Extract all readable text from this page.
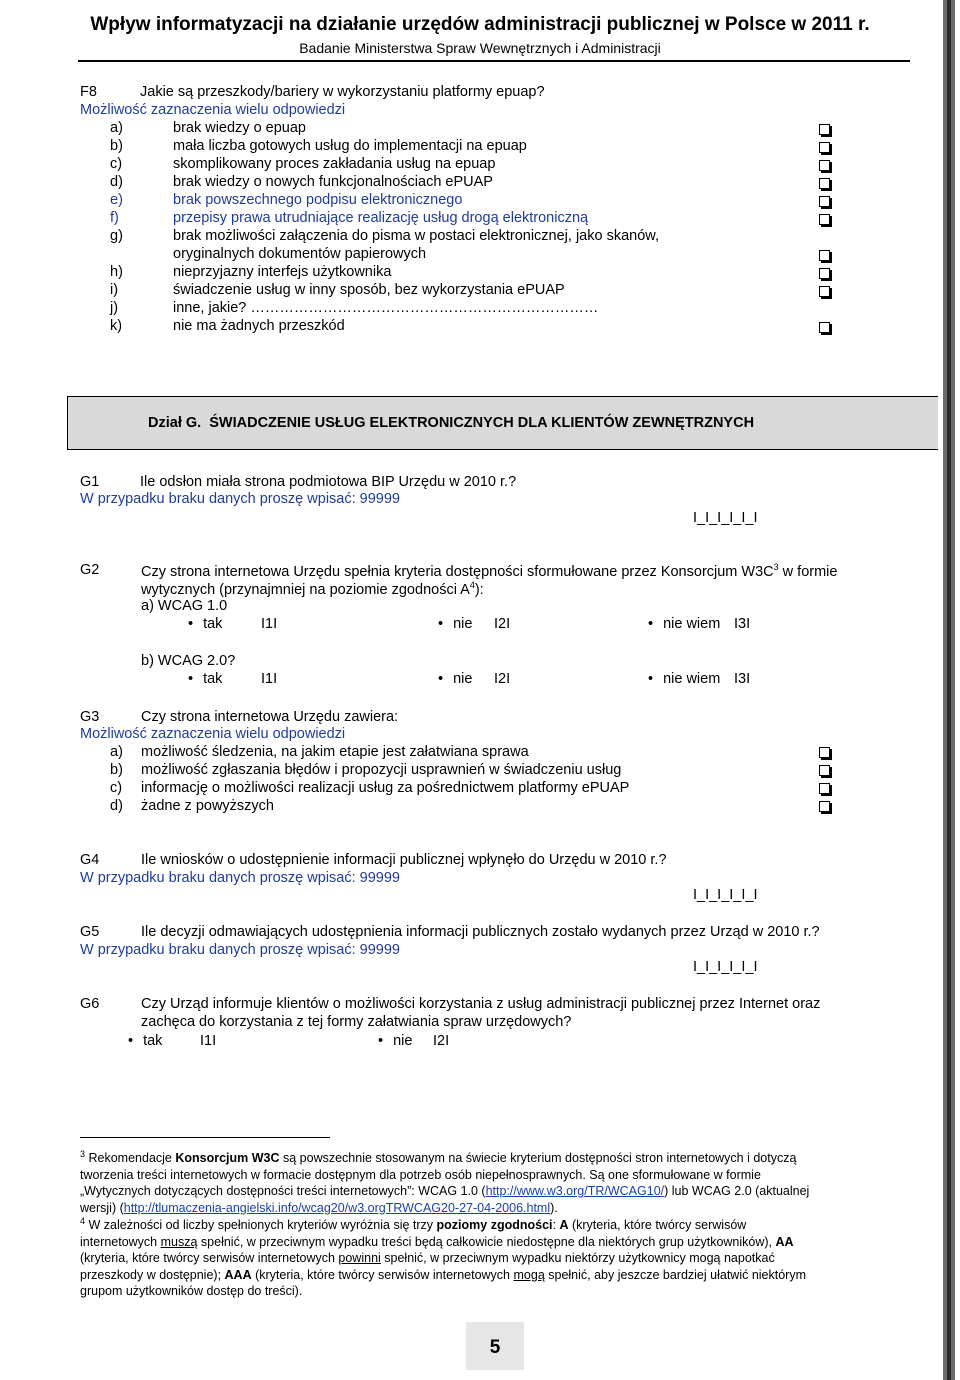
Wpływ informatyzacji na działanie urzędów administracji publicznej w Polsce w 2011 r.
Badanie Ministerstwa Spraw Wewnętrznych i Administracji
F8	Jakie są przeszkody/bariery w wykorzystaniu platformy epuap?
Możliwość zaznaczenia wielu odpowiedzi
a)	brak wiedzy o epuap
b)	mała liczba gotowych usług do implementacji na epuap
c)	skomplikowany proces zakładania usług na epuap
d)	brak wiedzy o nowych funkcjonalnościach ePUAP
e)	brak powszechnego podpisu elektronicznego
f)	przepisy prawa utrudniające realizację usług drogą elektroniczną
g)	brak możliwości załączenia do pisma w postaci elektronicznej, jako skanów,
oryginalnych dokumentów papierowych
h)	nieprzyjazny interfejs użytkownika
i)	świadczenie usług w inny sposób, bez wykorzystania ePUAP
j)	inne, jakie? ………………………………………………………………
k)	nie ma żadnych przeszkód
Dział G. ŚWIADCZENIE USŁUG ELEKTRONICZNYCH DLA KLIENTÓW ZEWNĘTRZNYCH
G1	Ile odsłon miała strona podmiotowa BIP Urzędu w 2010 r.?
W przypadku braku danych proszę wpisać: 99999
I_I_I_I_I_I
G2	Czy strona internetowa Urzędu spełnia kryteria dostępności sformułowane przez Konsorcjum $W3C^3$ w formie
wytycznych (przynajmniej na poziomie zgodności $A^4$):
a) WCAG 1.0
• tak	I1I	• nie I2I	• nie wiem I3I
b) WCAG 2.0?
• tak	I1I	• nie I2I	• nie wiem I3I
G3	Czy strona internetowa Urzędu zawiera:
Możliwość zaznaczenia wielu odpowiedzi
a) możliwość śledzenia, na jakim etapie jest załatwiana sprawa
b) możliwość zgłaszania błędów i propozycji usprawnień w świadczeniu usług
c) informację o możliwości realizacji usług za pośrednictwem platformy ePUAP
d) żadne z powyższych
G4	Ile wniosków o udostępnienie informacji publicznej wpłynęło do Urzędu w 2010 r.?
W przypadku braku danych proszę wpisać: 99999
I_I_I_I_I_I
G5	Ile decyzji odmawiających udostępnienia informacji publicznych zostało wydanych przez Urząd w 2010 r.?
W przypadku braku danych proszę wpisać: 99999
I_I_I_I_I_I
G6	Czy Urząd informuje klientów o możliwości korzystania z usług administracji publicznej przez Internet oraz
zachęca do korzystania z tej formy załatwiania spraw urzędowych?
• tak	I1I	• nie I2I
$^3$ Rekomendacje Konsorcjum W3C są powszechnie stosowanym na świecie kryterium dostępności stron internetowych i dotyczą
tworzenia treści internetowych w formacie dostępnym dla potrzeb osób niepełnosprawnych. Są one sformułowane w formie
„Wytycznych dotyczących dostępności treści internetowych”: WCAG 1.0 (http://www.w3.org/TR/WCAG10/) lub WCAG 2.0 (aktualnej
wersji) (http://tlumaczenia-angielski.info/wcag20/w3.orgTRWCAG20-27-04-2006.html).
$^4$ W zależności od liczby spełnionych kryteriów wyróżnia się trzy poziomy zgodności: A (kryteria, które twórcy serwisów
internetowych muszą spełnić, w przeciwnym wypadku treści będą całkowicie niedostępne dla niektórych grup użytkowników), AA
(kryteria, które twórcy serwisów internetowych powinni spełnić, w przeciwnym wypadku niektórzy użytkownicy mogą napotkać
przeszkody w dostępnie); AAA (kryteria, które twórcy serwisów internetowych mogą spełnić, aby jeszcze bardziej ułatwić niektórym
grupom użytkowników dostęp do treści).
5
